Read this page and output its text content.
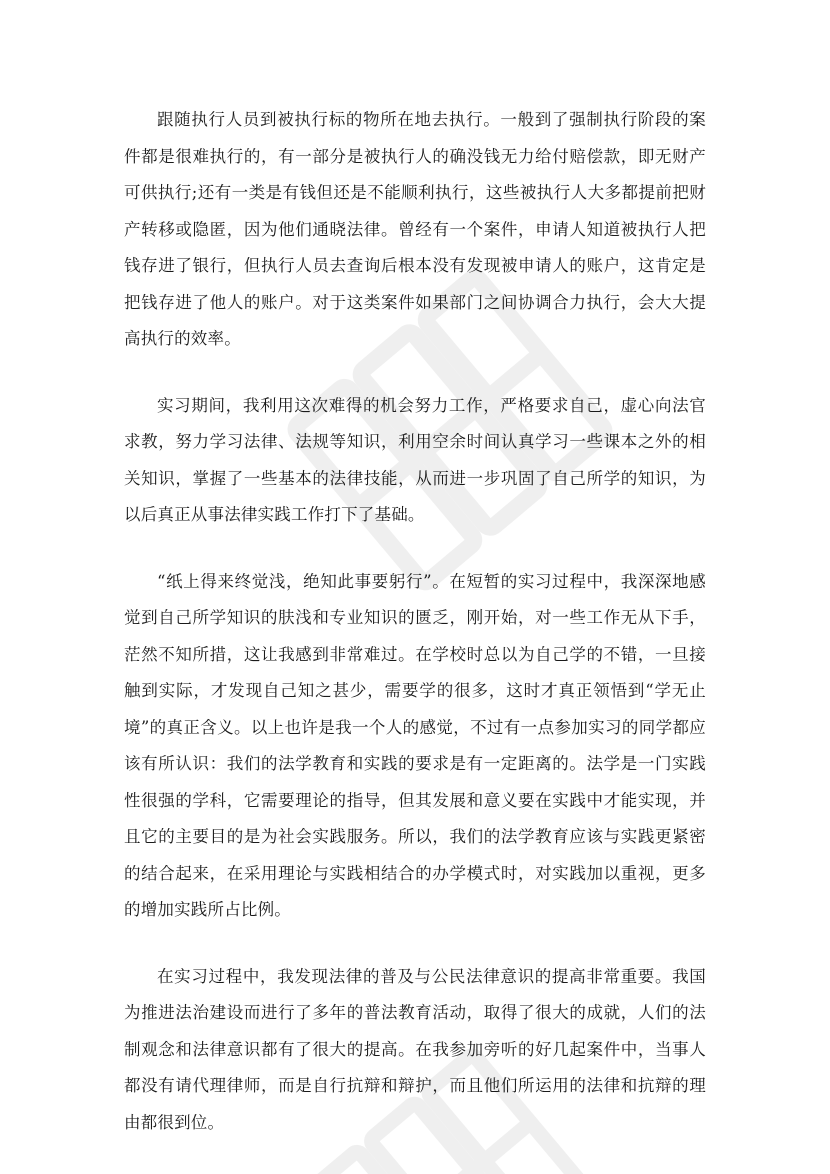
跟随执行人员到被执行标的物所在地去执行。一般到了强制执行阶段的案件都是很难执行的，有一部分是被执行人的确没钱无力给付赔偿款，即无财产可供执行;还有一类是有钱但还是不能顺利执行，这些被执行人大多都提前把财产转移或隐匿，因为他们通晓法律。曾经有一个案件，申请人知道被执行人把钱存进了银行，但执行人员去查询后根本没有发现被申请人的账户，这肯定是把钱存进了他人的账户。对于这类案件如果部门之间协调合力执行，会大大提高执行的效率。

实习期间，我利用这次难得的机会努力工作，严格要求自己，虚心向法官求教，努力学习法律、法规等知识，利用空余时间认真学习一些课本之外的相关知识，掌握了一些基本的法律技能，从而进一步巩固了自己所学的知识，为以后真正从事法律实践工作打下了基础。

“纸上得来终觉浅，绝知此事要躬行”。在短暂的实习过程中，我深深地感觉到自己所学知识的肤浅和专业知识的匮乏，刚开始，对一些工作无从下手，茫然不知所措，这让我感到非常难过。在学校时总以为自己学的不错，一旦接触到实际，才发现自己知之甚少，需要学的很多，这时才真正领悟到“学无止境”的真正含义。以上也许是我一个人的感觉，不过有一点参加实习的同学都应该有所认识：我们的法学教育和实践的要求是有一定距离的。法学是一门实践性很强的学科，它需要理论的指导，但其发展和意义要在实践中才能实现，并且它的主要目的是为社会实践服务。所以，我们的法学教育应该与实践更紧密的结合起来，在采用理论与实践相结合的办学模式时，对实践加以重视，更多的增加实践所占比例。

在实习过程中，我发现法律的普及与公民法律意识的提高非常重要。我国为推进法治建设而进行了多年的普法教育活动，取得了很大的成就，人们的法制观念和法律意识都有了很大的提高。在我参加旁听的好几起案件中，当事人都没有请代理律师，而是自行抗辩和辩护，而且他们所运用的法律和抗辩的理由都很到位。
